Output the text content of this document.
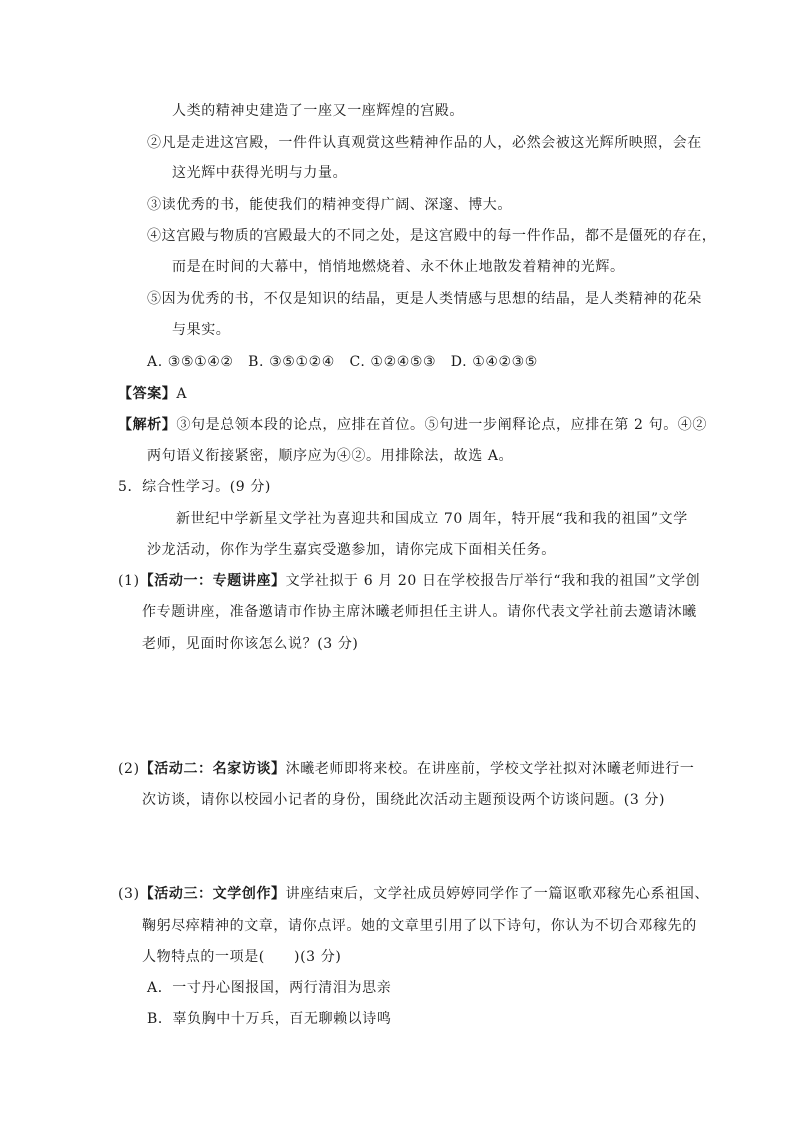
人类的精神史建造了一座又一座辉煌的宫殿。
②凡是走进这宫殿，一件件认真观赏这些精神作品的人，必然会被这光辉所映照，会在
这光辉中获得光明与力量。
③读优秀的书，能使我们的精神变得广阔、深邃、博大。
④这宫殿与物质的宫殿最大的不同之处，是这宫殿中的每一件作品，都不是僵死的存在，
而是在时间的大幕中，悄悄地燃烧着、永不休止地散发着精神的光辉。
⑤因为优秀的书，不仅是知识的结晶，更是人类情感与思想的结晶，是人类精神的花朵
与果实。
A. ③⑤①④②　B. ③⑤①②④　C. ①②④⑤③　D. ①④②③⑤
【答案】A
【解析】③句是总领本段的论点，应排在首位。⑤句进一步阐释论点，应排在第 2 句。④②
两句语义衔接紧密，顺序应为④②。用排除法，故选 A。
5．综合性学习。(9 分)
新世纪中学新星文学社为喜迎共和国成立 70 周年，特开展“我和我的祖国”文学
沙龙活动，你作为学生嘉宾受邀参加，请你完成下面相关任务。
(1)【活动一：专题讲座】文学社拟于 6 月 20 日在学校报告厅举行“我和我的祖国”文学创
作专题讲座，准备邀请市作协主席沐曦老师担任主讲人。请你代表文学社前去邀请沐曦
老师，见面时你该怎么说？(3 分)
(2)【活动二：名家访谈】沐曦老师即将来校。在讲座前，学校文学社拟对沐曦老师进行一
次访谈，请你以校园小记者的身份，围绕此次活动主题预设两个访谈问题。(3 分)
(3)【活动三：文学创作】讲座结束后，文学社成员婷婷同学作了一篇讴歌邓稼先心系祖国、
鞠躬尽瘁精神的文章，请你点评。她的文章里引用了以下诗句，你认为不切合邓稼先的
人物特点的一项是(　　)(3 分)
A．一寸丹心图报国，两行清泪为思亲
B．辜负胸中十万兵，百无聊赖以诗鸣
